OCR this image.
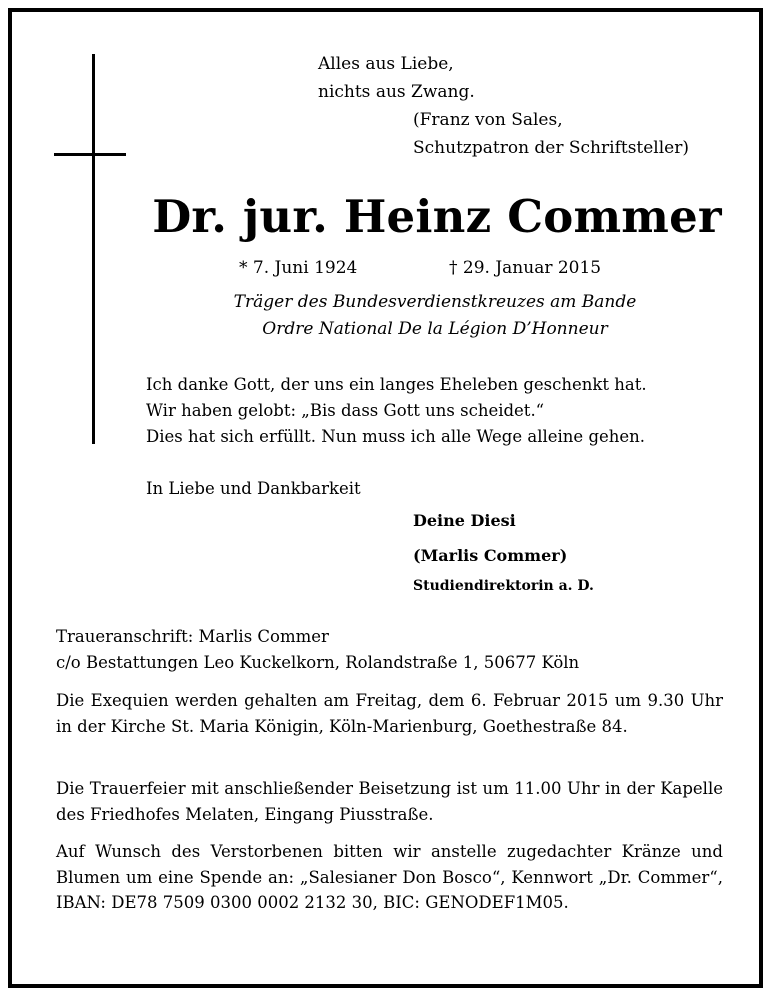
Alles aus Liebe,
nichts aus Zwang.
(Franz von Sales,
Schutzpatron der Schriftsteller)
Dr. jur. Heinz Commer
* 7. Juni 1924	† 29. Januar 2015
Träger des Bundesverdienstkreuzes am Bande
Ordre National De la Légion D’Honneur
Ich danke Gott, der uns ein langes Eheleben geschenkt hat.
Wir haben gelobt: „Bis dass Gott uns scheidet.“
Dies hat sich erfüllt. Nun muss ich alle Wege alleine gehen.
In Liebe und Dankbarkeit
Deine Diesi
(Marlis Commer)
Studiendirektorin a. D.
Traueranschrift: Marlis Commer
c/o Bestattungen Leo Kuckelkorn, Rolandstraße 1, 50677 Köln
Die Exequien werden gehalten am Freitag, dem 6. Februar 2015 um 9.30 Uhr in der Kirche St. Maria Königin, Köln-Marienburg, Goethestraße 84.
Die Trauerfeier mit anschließender Beisetzung ist um 11.00 Uhr in der Kapelle des Friedhofes Melaten, Eingang Piusstraße.
Auf Wunsch des Verstorbenen bitten wir anstelle zugedachter Kränze und Blumen um eine Spende an: „Salesianer Don Bosco“, Kennwort „Dr. Commer“, IBAN: DE78 7509 0300 0002 2132 30, BIC: GENODEF1M05.
